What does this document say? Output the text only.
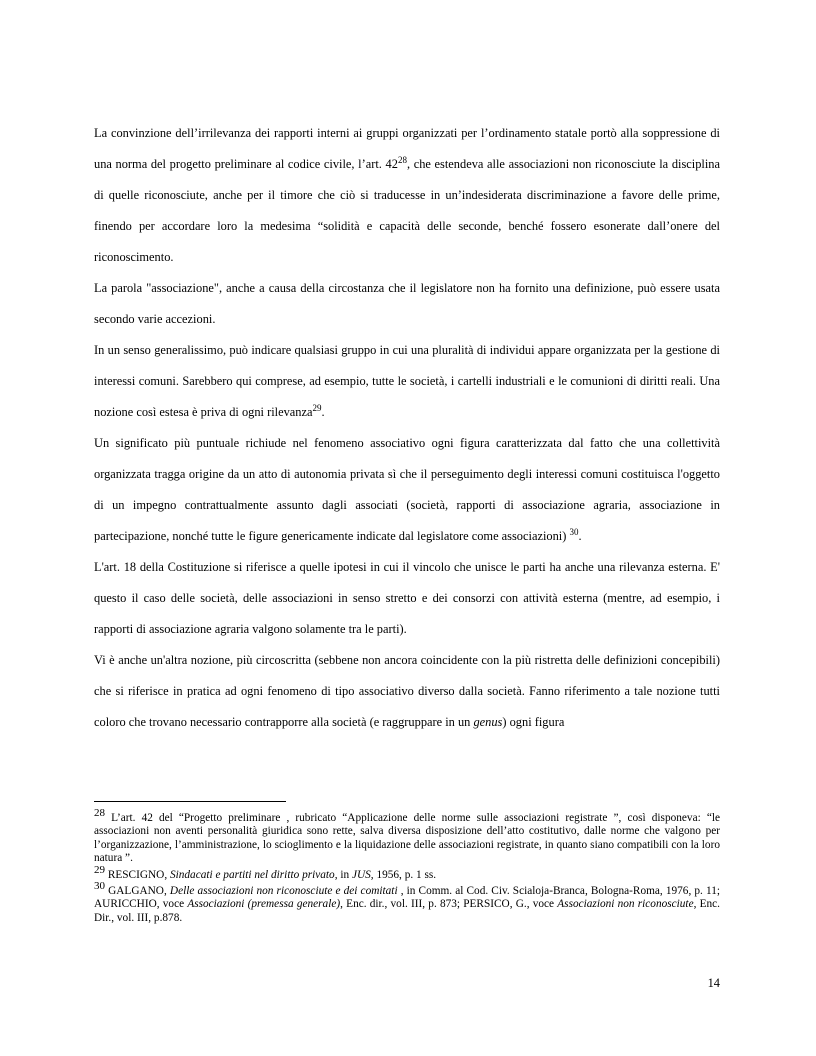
La convinzione dell’irrilevanza dei rapporti interni ai gruppi organizzati per l’ordinamento statale portò alla soppressione di una norma del progetto preliminare al codice civile, l’art. $42^{28}$, che estendeva alle associazioni non riconosciute la disciplina di quelle riconosciute, anche per il timore che ciò si traducesse in un’indesiderata discriminazione a favore delle prime, finendo per accordare loro la medesima “solidità e capacità delle seconde, benché fossero esonerate dall’onere del riconoscimento.

La parola "associazione", anche a causa della circostanza che il legislatore non ha fornito una definizione, può essere usata secondo varie accezioni.

In un senso generalissimo, può indicare qualsiasi gruppo in cui una pluralità di individui appare organizzata per la gestione di interessi comuni. Sarebbero qui comprese, ad esempio, tutte le società, i cartelli industriali e le comunioni di diritti reali. Una nozione così estesa è priva di ogni rilevanza$^{29}$.

Un significato più puntuale richiude nel fenomeno associativo ogni figura caratterizzata dal fatto che una collettività organizzata tragga origine da un atto di autonomia privata sì che il perseguimento degli interessi comuni costituisca l'oggetto di un impegno contrattualmente assunto dagli associati (società, rapporti di associazione agraria, associazione in partecipazione, nonché tutte le figure genericamente indicate dal legislatore come associazioni) $^{30}$.

L'art. 18 della Costituzione si riferisce a quelle ipotesi in cui il vincolo che unisce le parti ha anche una rilevanza esterna. E' questo il caso delle società, delle associazioni in senso stretto e dei consorzi con attività esterna (mentre, ad esempio, i rapporti di associazione agraria valgono solamente tra le parti).

Vi è anche un'altra nozione, più circoscritta (sebbene non ancora coincidente con la più ristretta delle definizioni concepibili) che si riferisce in pratica ad ogni fenomeno di tipo associativo diverso dalla società. Fanno riferimento a tale nozione tutti coloro che trovano necessario contrapporre alla società (e raggruppare in un genus) ogni figura

$^{28}$ L’art. 42 del “Progetto preliminare , rubricato “Applicazione delle norme sulle associazioni registrate ”, così disponeva: “le associazioni non aventi personalità giuridica sono rette, salva diversa disposizione dell’atto costitutivo, dalle norme che valgono per l’organizzazione, l’amministrazione, lo scioglimento e la liquidazione delle associazioni registrate, in quanto siano compatibili con la loro natura ”.

$^{29}$ RESCIGNO, Sindacati e partiti nel diritto privato, in JUS, 1956, p. 1 ss.

$^{30}$ GALGANO, Delle associazioni non riconosciute e dei comitati , in Comm. al Cod. Civ. Scialoja-Branca, Bologna-Roma, 1976, p. 11; AURICCHIO, voce Associazioni (premessa generale), Enc. dir., vol. III, p. 873; PERSICO, G., voce Associazioni non riconosciute, Enc. Dir., vol. III, p.878.

14
